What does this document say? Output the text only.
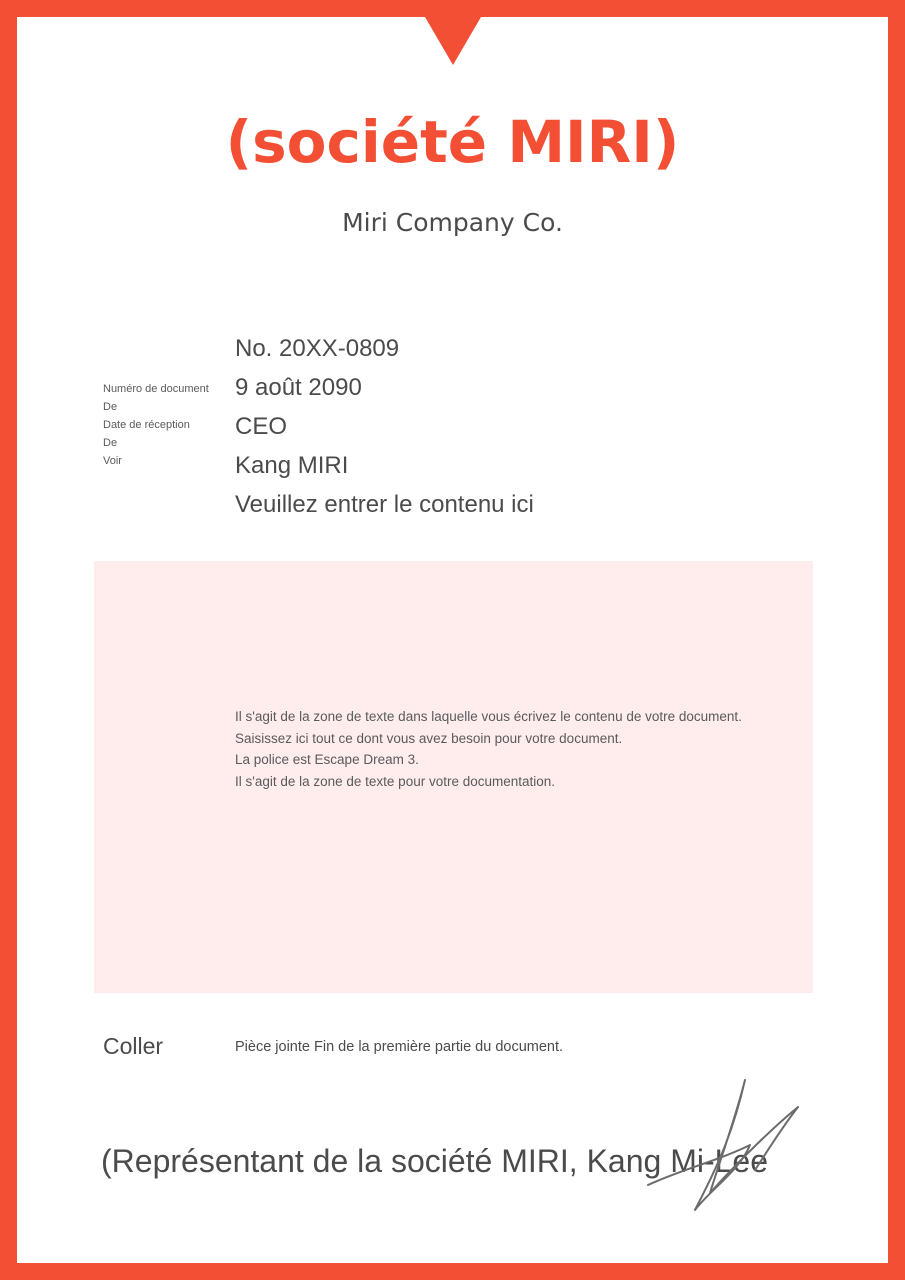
(société MIRI)
Miri Company Co.
Numéro de document
De
Date de réception
De
Voir
No. 20XX-0809
9 août 2090
CEO
Kang MIRI
Veuillez entrer le contenu ici
Il s'agit de la zone de texte dans laquelle vous écrivez le contenu de votre document.
Saisissez ici tout ce dont vous avez besoin pour votre document.
La police est Escape Dream 3.
Il s'agit de la zone de texte pour votre documentation.
Coller	Pièce jointe Fin de la première partie du document.
(Représentant de la société MIRI, Kang Mi-Lee
